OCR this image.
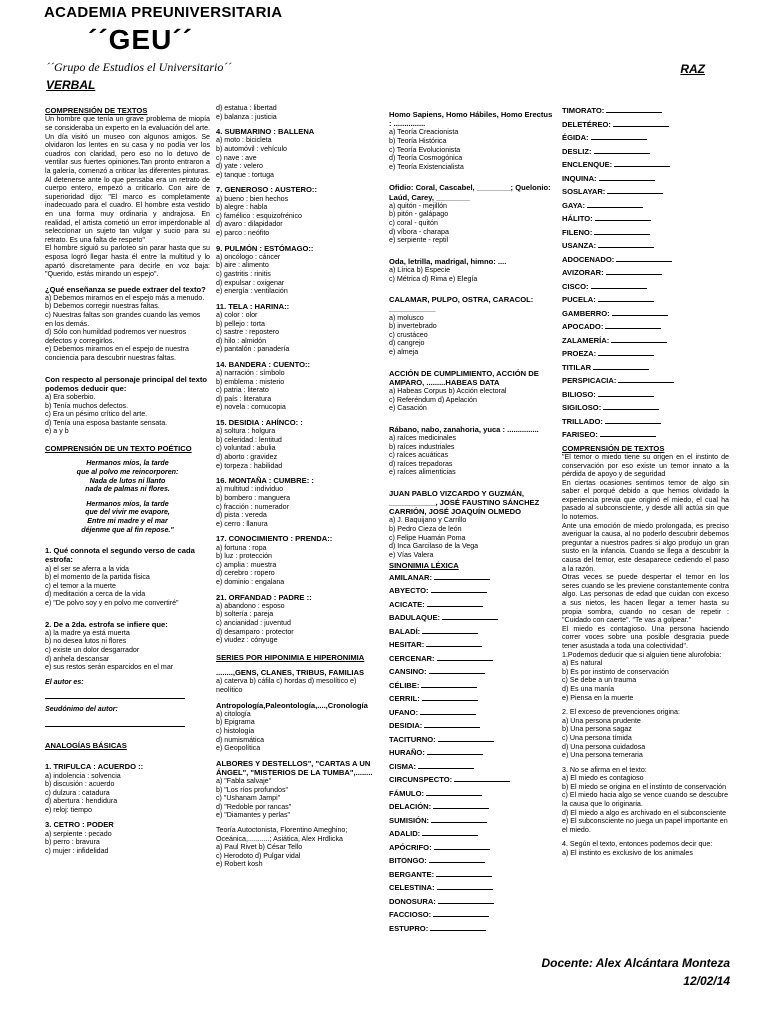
ACADEMIA PREUNIVERSITARIA
´´GEU´´
´´Grupo de Estudios el Universitario´´	RAZ
VERBAL
COMPRENSIÓN DE TEXTOS
Un hombre que tenía un grave problema de miopía se consideraba un experto en la evaluación del arte. Un día visitó un museo con algunos amigos. Se olvidaron los lentes en su casa y no podía ver los cuadros con claridad, pero eso no lo detuvo de ventilar sus fuertes opiniones.Tan pronto entraron a la galería, comenzó a criticar las diferentes pinturas. Al detenerse ante lo que pensaba era un retrato de cuerpo entero, empezó a criticarlo. Con aire de superioridad dijo: "El marco es completamente inadecuado para el cuadro. El hombre esta vestido en una forma muy ordinaria y andrajosa. En realidad, el artista cometió un error imperdonable al seleccionar un sujeto tan vulgar y sucio para su retrato. Es una falta de respeto"
El hombre siguió su parloteo sin parar hasta que su esposa logró llegar hasta él entre la multitud y lo apartó discretamente para decirle en voz baja: "Querido, estás mirando un espejo".
¿Qué enseñanza se puede extraer del texto?
a) Debemos mirarnos en el espejo más a menudo.
b) Debemos corregir nuestras faltas.
c) Nuestras faltas son grandes cuando las vemos en los demás.
d) Sólo con humildad podremos ver nuestros defectos y corregirlos.
e) Debemos mirarnos en el espejo de nuestra conciencia para descubrir nuestras faltas.
Con respecto al personaje principal del texto podemos deducir que:
a) Era soberbio.
b) Tenía muchos defectos.
c) Era un pésimo crítico del arte.
d) Tenía una esposa bastante sensata.
e) a y b
COMPRENSIÓN DE UN TEXTO POÉTICO
Hermanos míos, la tarde
que al polvo me reincorporen:
Nada de lutos ni llanto
nada de palmas ni flores.
Hermanos míos, la tarde
que del vivir me evapore,
Entre mi madre y el mar
déjenme que al fin repose."
1. Qué connota el segundo verso de cada estrofa:
a) el ser se aferra a la vida
b) el momento de la partida física
c) el temor a la muerte
d) meditación a cerca de la vida
e) "De polvo soy y en polvo me convertiré"
2. De a 2da. estrofa se infiere que:
a) la madre ya está muerta
b) no desea lutos ni flores
c) existe un dolor desgarrador
d) anhela descansar
e) sus restos serán esparcidos en el mar
El autor es:
Seudónimo del autor:
ANALOGÍAS BÁSICAS
1. TRIFULCA : ACUERDO ::
a) indolencia : solvencia
b) discusión : acuerdo
c) dulzura : catadura
d) abertura : hendidura
e) reloj: tiempo
3. CETRO : PODER
a) serpiente : pecado
b) perro : bravura
c) mujer : infidelidad
d) estatua : libertad
e) balanza : justicia
4. SUBMARINO : BALLENA
a) moto : bicicleta
b) automóvil : vehículo
c) nave : ave
d) yate : velero
e) tanque : tortuga
7. GENEROSO : AUSTERO::
a) bueno : bien hechos
b) alegre : habla
c) famélico : esquizofrénico
d) avaro : dilapidador
e) parco : neófito
9. PULMÓN : ESTÓMAGO::
a) oncólogo : cáncer
b) aire : alimento
c) gastritis : rinitis
d) expulsar : oxigenar
e) energía : ventilación
11. TELA : HARINA::
a) color : olor
b) pellejo : torta
c) sastre : repostero
d) hilo : almidón
e) pantalón : panadería
14. BANDERA : CUENTO::
a) narración : símbolo
b) emblema : misterio
c) patria : literato
d) país : literatura
e) novela : cornucopia
15. DESIDIA : AHÍNCO: :
a) soltura : holgura
b) celeridad : lentitud
c) voluntad : abulia
d) aborto : gravidez
e) torpeza : habilidad
16. MONTAÑA : CUMBRE: :
a) multitud : individuo
b) bombero : manguera
c) fracción : numerador
d) pista : vereda
e) cerro : llanura
17. CONOCIMIENTO : PRENDA::
a) fortuna : ropa
b) luz : protección
c) amplia : muestra
d) cerebro : ropero
e) dominio : engalana
21. ORFANDAD : PADRE ::
a) abandono : esposo
b) soltería : pareja
c) ancianidad : juventud
d) desamparo : protector
e) viudez : cónyuge
SERIES POR HIPONIMIA E HIPERONIMIA
........,GENS, CLANES, TRIBUS, FAMILIAS
a) caterva b) cáfila c) hordas d) mesolítico e) neolítico
Antropología,Paleontología,....,Cronología
a) citología
b) Epigrama
c) histología
d) numismática
e) Geopolítica
ALBORES Y DESTELLOS", "CARTAS A UN ÁNGEL", "MISTERIOS DE LA TUMBA",........
a) "Fabla salvaje"
b) "Los ríos profundos"
c) "Ushanam Jampi"
d) "Redoble por rancas"
e) "Diamantes y perlas"
Teoría Autoctonista, Florentino Ameghino; Oceánica,...........; Asiática, Alex Hrdlicka
a) Paul Rivet b) César Tello
c) Herodoto d) Pulgar vidal
e) Robert kosh
Homo Sapiens, Homo Hábiles, Homo Erectus : ...............
a) Teoría Creacionista
b) Teoría Histórica
c) Teoría Evolucionista
d) Teoría Cosmogónica
e) Teoría Existencialista
Ofidio: Coral, Cascabel, ________; Quelonio: Laúd, Carey, ________
a) quitón - mejillón
b) pitón - galápago
c) coral - quitón
d) víbora - charapa
e) serpiente - reptil
Oda, letrilla, madrigal, himno: ....
a) Lírica b) Especie
c) Métrica d) Rima e) Elegía
CALAMAR, PULPO, OSTRA, CARACOL: ___________
a) molusco
b) invertebrado
c) crustáceo
d) cangrejo
e) almeja
ACCIÓN DE CUMPLIMIENTO, ACCIÓN DE AMPARO, .........HABEAS DATA
a) Habeas Corpus b) Acción electoral
c) Referéndum d) Apelación
e) Casación
Rábano, nabo, zanahoria, yuca : ...............
a) raíces medicinales
b) raíces industriales
c) raíces acuáticas
d) raíces trepadoras
e) raíces alimenticias
JUAN PABLO VIZCARDO Y GUZMÁN, ___________, JOSÉ FAUSTINO SÁNCHEZ CARRIÓN, JOSÉ JOAQUÍN OLMEDO
a) J. Baquijano y Carrillo
b) Pedro Cieza de león
c) Felipe Huamán Poma
d) Inca Garcilaso de la Vega
e) Vías Valera
SINONIMIA LÉXICA
AMILANAR:
ABYECTO:
ACICATE:
BADULAQUE:
BALADÍ:
HESITAR:
CERCENAR:
CANSINO:
CÉLIBE:
CERRIL:
UFANO:
DESIDIA:
TACITURNO:
HURAÑO:
CISMA:
CIRCUNSPECTO:
FÁMULO:
DELACIÓN:
SUMISIÓN:
ADALID:
APÓCRIFO:
BITONGO:
BERGANTE:
CELESTINA:
DONOSURA:
FACCIOSO:
ESTUPRO:
TIMORATO:
DELETÉREO:
ÉGIDA:
DESLIZ:
ENCLENQUE:
INQUINA:
SOSLAYAR:
GAYA:
HÁLITO:
FILENO:
USANZA:
ADOCENADO:
AVIZORAR:
CISCO:
PUCELA:
GAMBERRO:
APOCADO:
ZALAMERÍA:
PROEZA:
TITILAR
PERSPICACIA:
BILIOSO:
SIGILOSO:
TRILLADO:
FARISEO:
COMPRENSIÓN DE TEXTOS
"El temor o miedo tiene su origen en el instinto de conservación por eso existe un temor innato a la pérdida de apoyo y de seguridad
En ciertas ocasiones sentimos temor de algo sin saber el porqué debido a que hemos olvidado la experiencia previa que originó el miedo, el cual ha pasado al subconsciente, y desde allí actúa sin que lo notemos.
Ante una emoción de miedo prolongada, es preciso averiguar la causa, al no poderlo descubrir debemos preguntar a nuestros padres si algo produjo un gran susto en la infancia. Cuando se llega a descubrir la causa del temor, este desaparece cediendo el paso a la razón.
Otras veces se puede despertar el temor en los seres cuando se les previene constantemente contra algo. Las personas de edad que cuidan con exceso a sus nietos, les hacen llegar a temer hasta su propia sombra, cuando no cesan de repetir : "Cuidado con caerte". "Te vas a golpear."
El miedo es contagioso. Una persona haciendo correr voces sobre una posible desgracia puede tener asustada a toda una colectividad".
1.Podemos deducir que si alguien tiene alurofobia:
a) Es natural
b) Es por instinto de conservación
c) Se debe a un trauma
d) Es una manía
e) Piensa en la muerte
2. El exceso de prevenciones origina:
a) Una persona prudente
b) Una persona sagaz
c) Una persona tímida
d) Una persona cuidadosa
e) Una persona temeraria
3. No se afirma en el texto:
a) El miedo es contagioso
b) El miedo se origina en el instinto de conservación
c) El miedo hacia algo se vence cuando se descubre la causa que lo originaria.
d) El miedo a algo es archivado en el subconsciente
e) El subconsciente no juega un papel importante en el miedo.
4. Según el texto, entonces podemos decir que:
a) El instinto es exclusivo de los animales
Docente: Alex Alcántara Monteza
12/02/14
